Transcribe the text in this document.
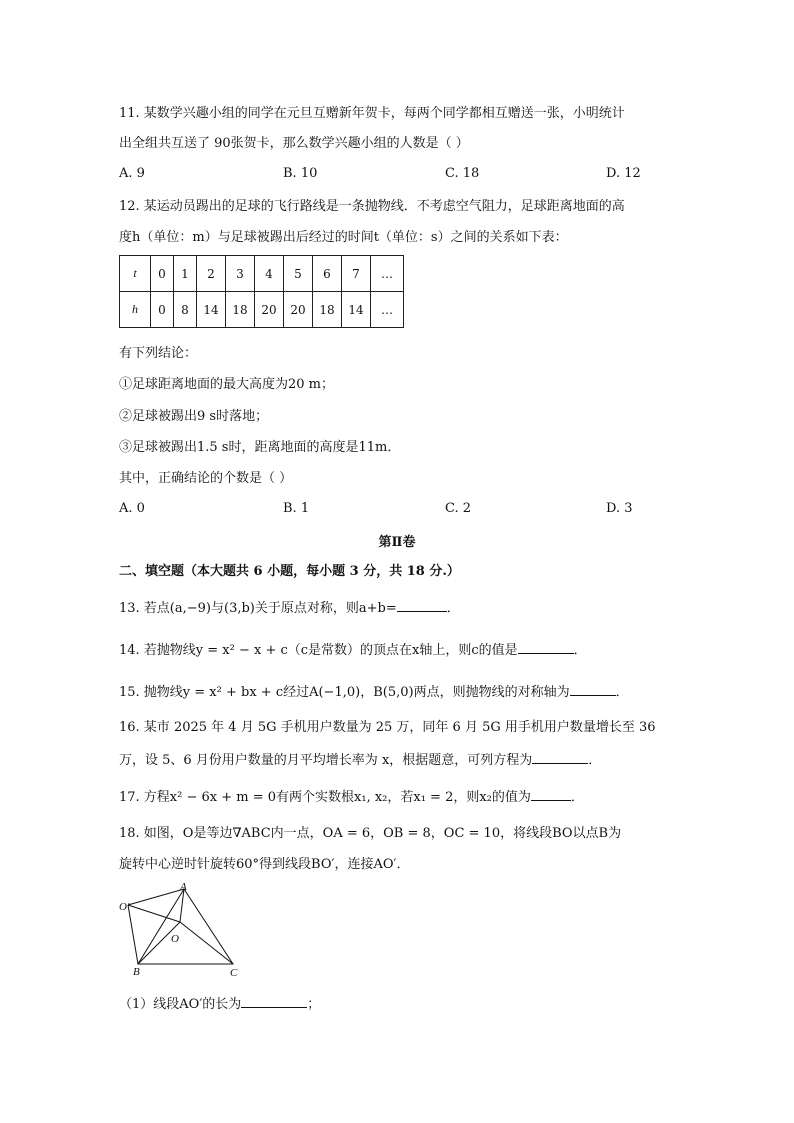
11. 某数学兴趣小组的同学在元旦互赠新年贺卡，每两个同学都相互赠送一张，小明统计
出全组共互送了 90张贺卡，那么数学兴趣小组的人数是（ ）
A. 9	B. 10	C. 18	D. 12
12. 某运动员踢出的足球的飞行路线是一条抛物线．不考虑空气阻力，足球距离地面的高
度h（单位：m）与足球被踢出后经过的时间t（单位：s）之间的关系如下表：
t	0	1	2	3	4	5	6	7	…
h	0	8	14	18	20	20	18	14	…
有下列结论：
①足球距离地面的最大高度为20 m；
②足球被踢出9 s时落地；
③足球被踢出1.5 s时，距离地面的高度是11m．
其中，正确结论的个数是（ ）
A. 0	B. 1	C. 2	D. 3
第Ⅱ卷
二、填空题（本大题共 6 小题，每小题 3 分，共 18 分.）
13. 若点(a,−9)与(3,b)关于原点对称，则a+b=	．
14. 若抛物线y = x² − x + c（c是常数）的顶点在x轴上，则c的值是	．
15. 抛物线y = x² + bx + c经过A(−1,0)，B(5,0)两点，则抛物线的对称轴为	．
16. 某市 2025 年 4 月 5G 手机用户数量为 25 万，同年 6 月 5G 用手机用户数量增长至 36
万，设 5、6 月份用户数量的月平均增长率为 x，根据题意，可列方程为	．
17. 方程x² − 6x + m = 0有两个实数根x₁, x₂，若x₁ = 2，则x₂的值为	．
18. 如图，O是等边∇ABC内一点，OA = 6，OB = 8，OC = 10，将线段BO以点B为
旋转中心逆时针旋转60°得到线段BO′，连接AO′．
A
B	C
O
O′
（1）线段AO′的长为	；
